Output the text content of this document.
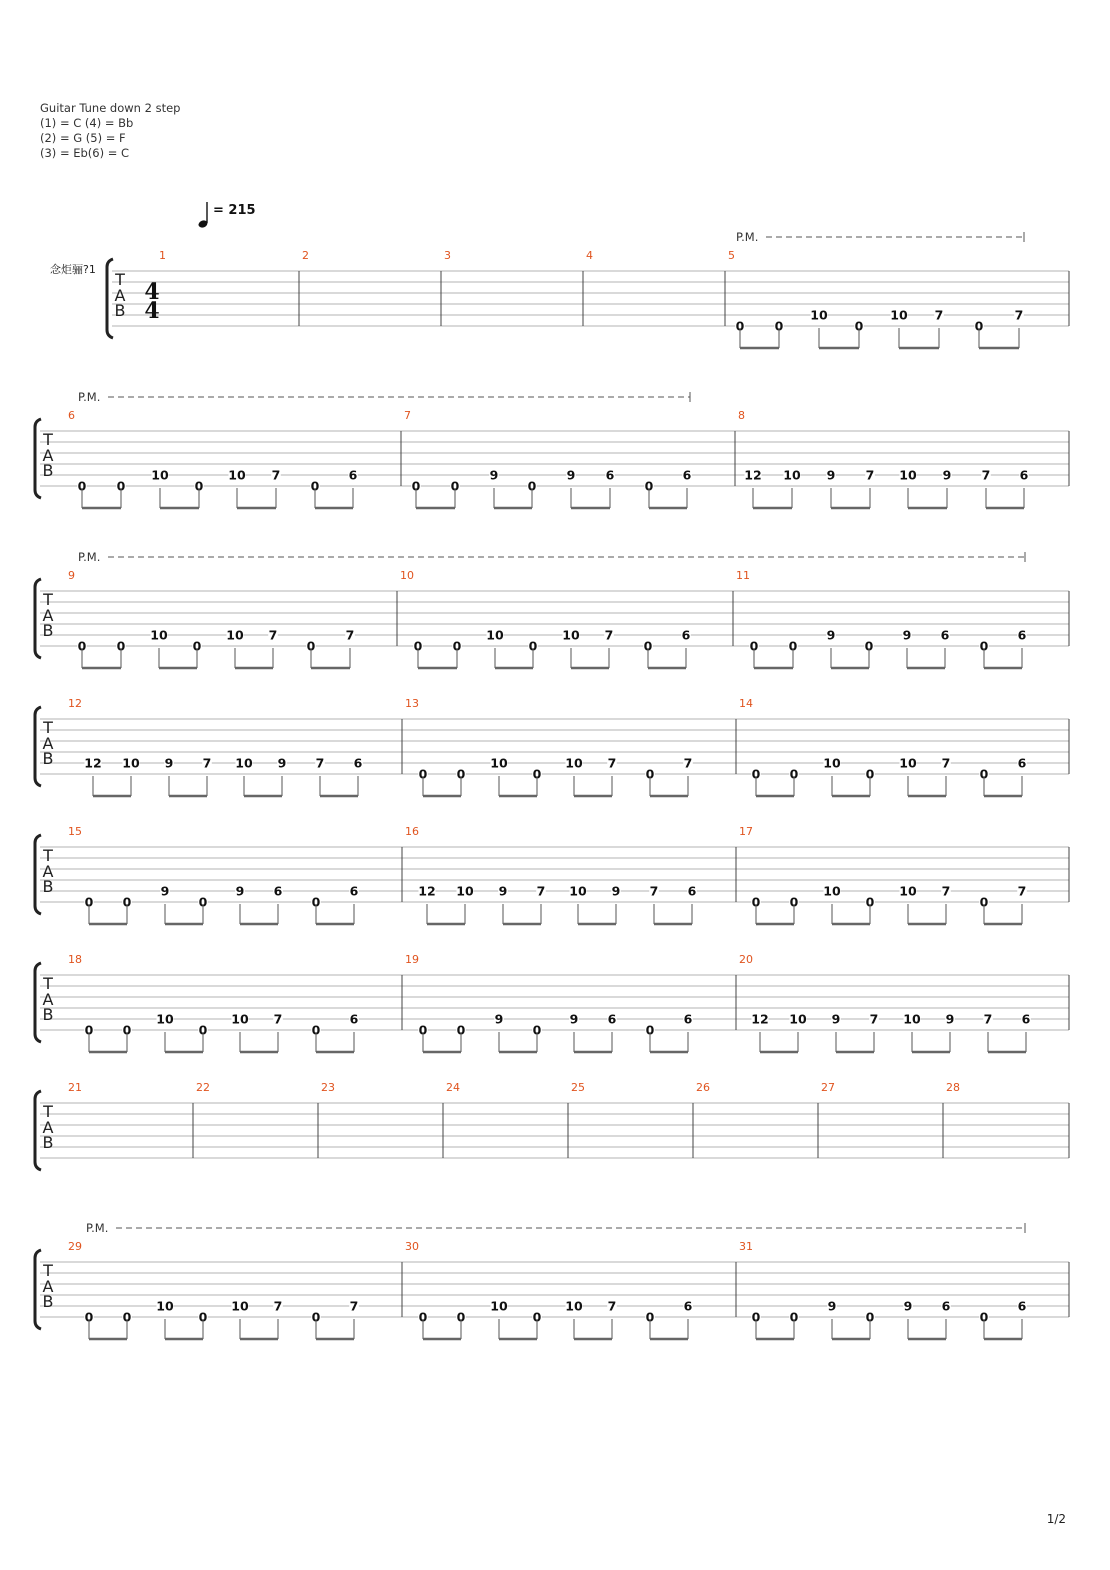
Guitar Tune down 2 step
(1) = C (4) = Bb
(2) = G (5) = F
(3) = Eb(6) = C
= 215
念炬骊?1
T
A
B
4
4
P.M.
1	2	3	4	5
0 0
10
0
10 7
0
7
T
A
B
P.M.
6
0 0
10
0
10 7
0
6
7
0 0
9
0
9 6
0
6
8
12 10 9 7 10 9 7 6
T
A
B
P.M.
9
0 0
10
0
10 7
0
7
10
0 0
10
0
10 7
0
6
11
0 0
9
0
9 6
0
6
T
A
B
12
12 10 9 7 10 9 7 6
13
0 0
10
0
10 7
0
7
14
0 0
10
0
10 7
0
6
T
A
B
15
0 0
9
0
9 6
0
6
16
12 10 9 7 10 9 7 6
17
0 0
10
0
10 7
0
7
T
A
B
18
0 0
10
0
10 7
0
6
19
0 0
9
0
9 6
0
6
20
12 10 9 7 10 9 7 6
T
A
B
21	22	23	24	25	26	27	28
T
A
B
P.M.
29
0 0
10
0
10 7
0
7
30
0 0
10
0
10 7
0
6
31
0 0
9
0
9 6
0
6
1/2
